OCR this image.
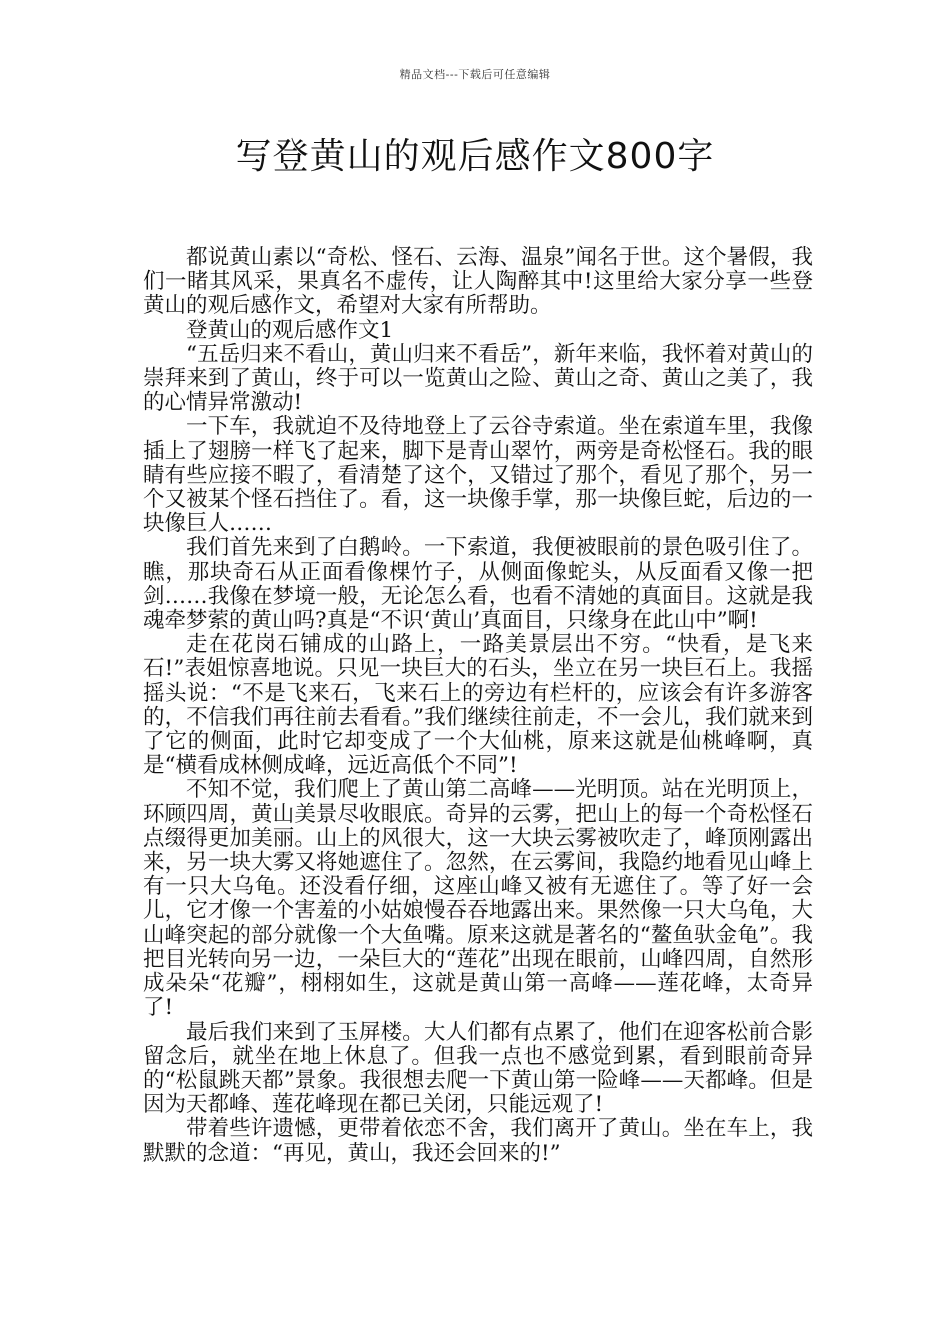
精品文档---下载后可任意编辑
写登黄山的观后感作文800字

都说黄山素以“奇松、怪石、云海、温泉”闻名于世。这个暑假，我们一睹其风采，果真名不虚传，让人陶醉其中!这里给大家分享一些登黄山的观后感作文，希望对大家有所帮助。

登黄山的观后感作文1

“五岳归来不看山，黄山归来不看岳”，新年来临，我怀着对黄山的崇拜来到了黄山，终于可以一览黄山之险、黄山之奇、黄山之美了，我的心情异常激动!

一下车，我就迫不及待地登上了云谷寺索道。坐在索道车里，我像插上了翅膀一样飞了起来，脚下是青山翠竹，两旁是奇松怪石。我的眼睛有些应接不暇了，看清楚了这个，又错过了那个，看见了那个，另一个又被某个怪石挡住了。看，这一块像手掌，那一块像巨蛇，后边的一块像巨人……

我们首先来到了白鹅岭。一下索道，我便被眼前的景色吸引住了。瞧，那块奇石从正面看像棵竹子，从侧面像蛇头，从反面看又像一把剑……我像在梦境一般，无论怎么看，也看不清她的真面目。这就是我魂牵梦萦的黄山吗?真是“不识‘黄山’真面目，只缘身在此山中”啊!

走在花岗石铺成的山路上，一路美景层出不穷。“快看，是飞来石!”表姐惊喜地说。只见一块巨大的石头，坐立在另一块巨石上。我摇摇头说：“不是飞来石，飞来石上的旁边有栏杆的，应该会有许多游客的，不信我们再往前去看看。”我们继续往前走，不一会儿，我们就来到了它的侧面，此时它却变成了一个大仙桃，原来这就是仙桃峰啊，真是“横看成林侧成峰，远近高低个不同”!

不知不觉，我们爬上了黄山第二高峰——光明顶。站在光明顶上，环顾四周，黄山美景尽收眼底。奇异的云雾，把山上的每一个奇松怪石点缀得更加美丽。山上的风很大，这一大块云雾被吹走了，峰顶刚露出来，另一块大雾又将她遮住了。忽然，在云雾间，我隐约地看见山峰上有一只大乌龟。还没看仔细，这座山峰又被有无遮住了。等了好一会儿，它才像一个害羞的小姑娘慢吞吞地露出来。果然像一只大乌龟，大山峰突起的部分就像一个大鱼嘴。原来这就是著名的“鳌鱼驮金龟”。我把目光转向另一边，一朵巨大的“莲花”出现在眼前，山峰四周，自然形成朵朵“花瓣”，栩栩如生，这就是黄山第一高峰——莲花峰，太奇异了!

最后我们来到了玉屏楼。大人们都有点累了，他们在迎客松前合影留念后，就坐在地上休息了。但我一点也不感觉到累，看到眼前奇异的“松鼠跳天都”景象。我很想去爬一下黄山第一险峰——天都峰。但是因为天都峰、莲花峰现在都已关闭，只能远观了!

带着些许遗憾，更带着依恋不舍，我们离开了黄山。坐在车上，我默默的念道：“再见，黄山，我还会回来的!”
